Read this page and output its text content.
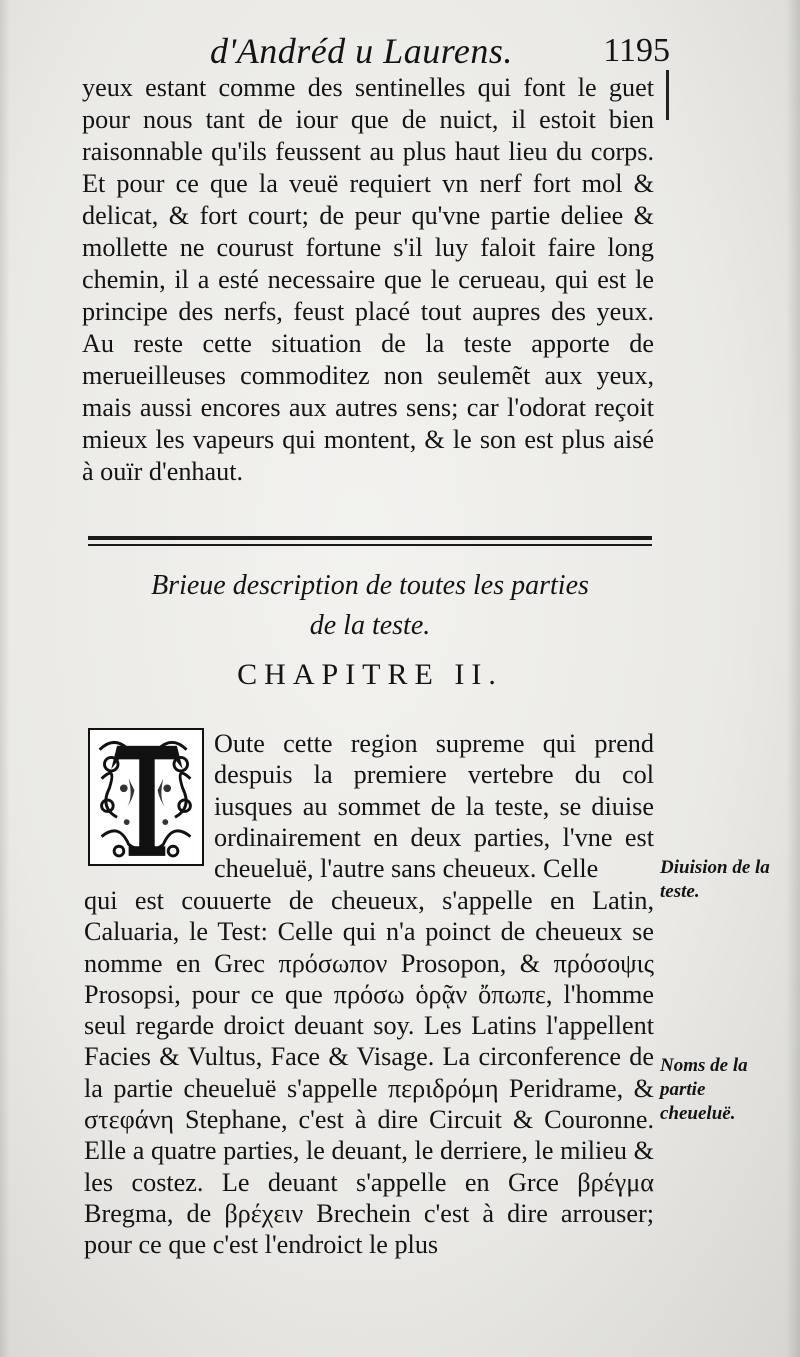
d'Andréd u Laurens.	1195

yeux estant comme des sentinelles qui font le guet pour nous tant de iour que de nuict, il estoit bien raisonnable qu'ils feussent au plus haut lieu du corps. Et pour ce que la veuë requiert vn nerf fort mol & delicat, & fort court; de peur qu'vne partie deliee & mollette ne courust fortune s'il luy faloit faire long chemin, il a esté necessaire que le cerueau, qui est le principe des nerfs, feust placé tout aupres des yeux. Au reste cette situation de la teste apporte de merueilleuses commoditez non seulemẽt aux yeux, mais aussi encores aux autres sens; car l'odorat reçoit mieux les vapeurs qui montent, & le son est plus aisé à ouïr d'enhaut.

Brieue description de toutes les parties
de la teste.
CHAPITRE II.

Oute cette region supreme qui prend despuis la premiere vertebre du col iusques au sommet de la teste, se diuise ordinairement en deux parties, l'vne est cheueluë, l'autre sans cheueux. Celle

qui est couuerte de cheueux, s'appelle en Latin, Caluaria, le Test: Celle qui n'a poinct de cheueux se nomme en Grec πρόσωπον Prosopon, & πρόσοψις Prosopsi, pour ce que πρόσω ὁρᾷν ὄπωπε, l'homme seul regarde droict deuant soy. Les Latins l'appellent Facies & Vultus, Face & Visage. La circonference de la partie cheueluë s'appelle περιδρόμη Peridrame, & στεφάνη Stephane, c'est à dire Circuit & Couronne. Elle a quatre parties, le deuant, le derriere, le milieu & les costez. Le deuant s'appelle en Grce βρέγμα Bregma, de βρέχειν Brechein c'est à dire arrouser; pour ce que c'est l'endroict le plus

Diuision de la teste.
Noms de la partie cheueluë.
